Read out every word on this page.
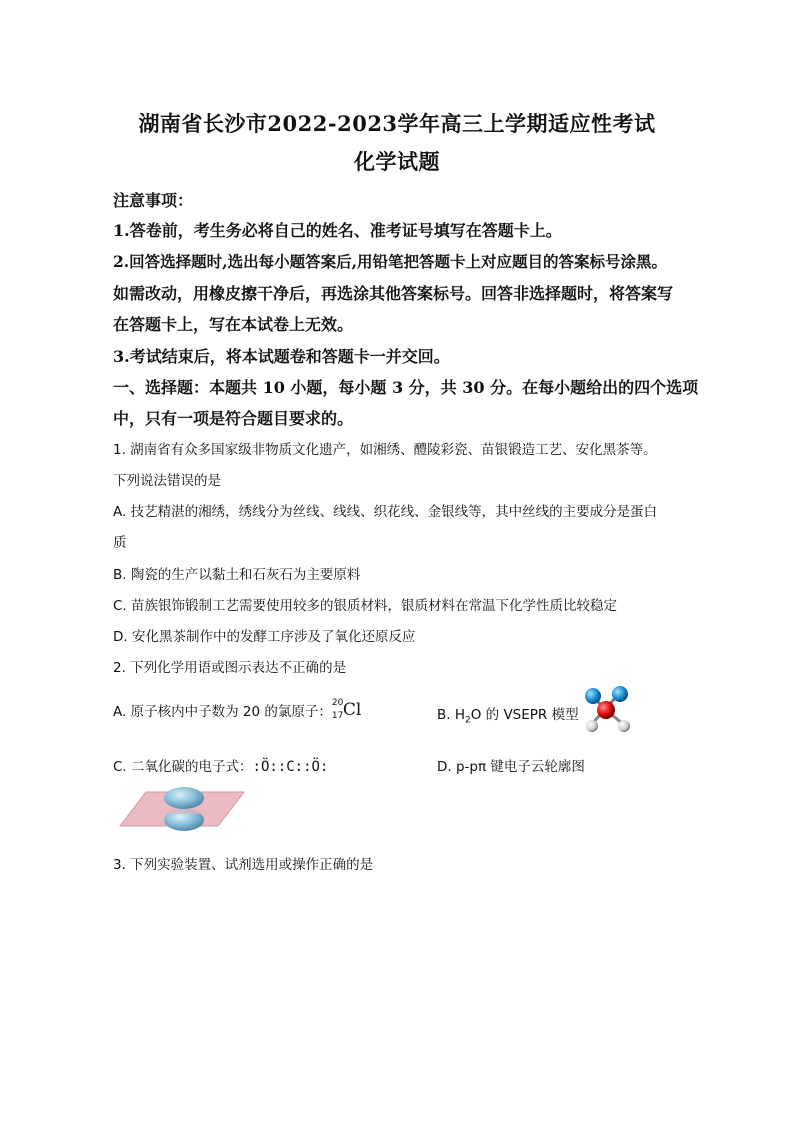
湖南省长沙市2022-2023学年高三上学期适应性考试
化学试题
注意事项：
1.答卷前，考生务必将自己的姓名、准考证号填写在答题卡上。
2.回答选择题时,选出每小题答案后,用铅笔把答题卡上对应题目的答案标号涂黑。
如需改动，用橡皮擦干净后，再选涂其他答案标号。回答非选择题时，将答案写
在答题卡上，写在本试卷上无效。
3.考试结束后，将本试题卷和答题卡一并交回。
一、选择题：本题共 10 小题，每小题 3 分，共 30 分。在每小题给出的四个选项
中，只有一项是符合题目要求的。
1. 湖南省有众多国家级非物质文化遗产，如湘绣、醴陵彩瓷、苗银锻造工艺、安化黑茶等。
下列说法错误的是
A. 技艺精湛的湘绣，绣线分为丝线、线线、织花线、金银线等，其中丝线的主要成分是蛋白
质
B. 陶瓷的生产以黏土和石灰石为主要原料
C. 苗族银饰锻制工艺需要使用较多的银质材料，银质材料在常温下化学性质比较稳定
D. 安化黑茶制作中的发酵工序涉及了氧化还原反应
2. 下列化学用语或图示表达不正确的是
A. 原子核内中子数为 20 的氯原子：
20
17 Cl	B. $H_2O$ 的 VSEPR 模型
C. 二氧化碳的电子式：:Ö::C::Ö:	D. p-pπ 键电子云轮廓图
3. 下列实验装置、试剂选用或操作正确的是
